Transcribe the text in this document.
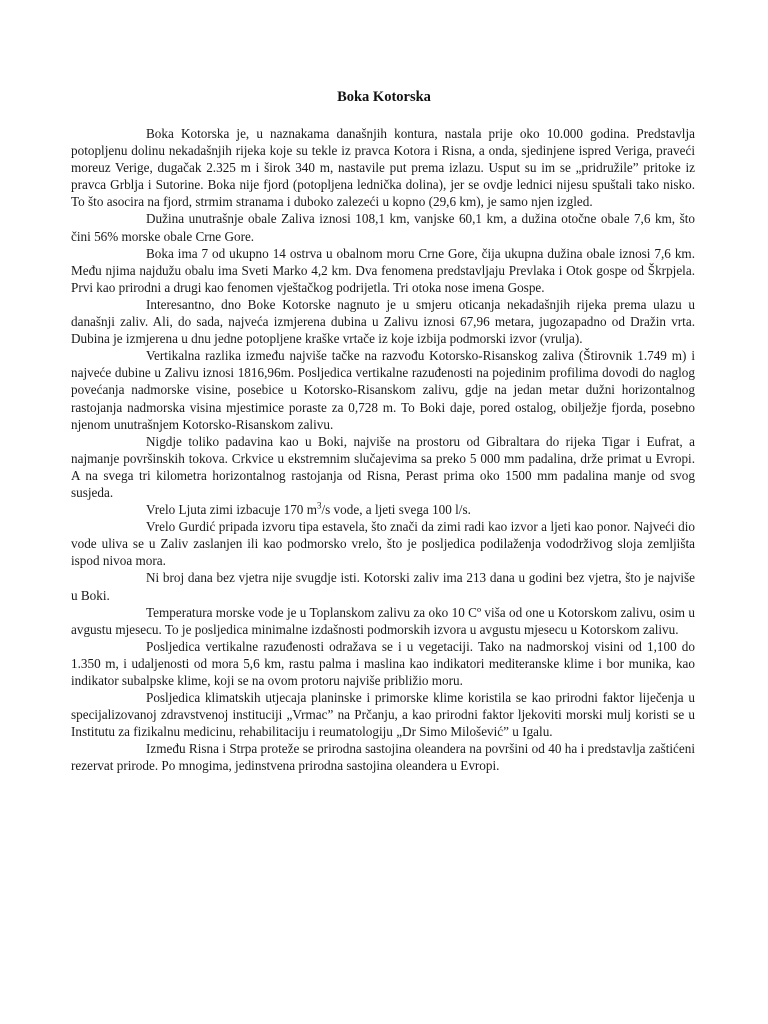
Boka Kotorska

Boka Kotorska je, u naznakama današnjih kontura, nastala prije oko 10.000 godina. Predstavlja potopljenu dolinu nekadašnjih rijeka koje su tekle iz pravca Kotora i Risna, a onda, sjedinjene ispred Veriga, praveći moreuz Verige, dugačak 2.325 m i širok 340 m, nastavile put prema izlazu. Usput su im se „pridružile” pritoke iz pravca Grblja i Sutorine. Boka nije fjord (potopljena lednička dolina), jer se ovdje lednici nijesu spuštali tako nisko. To što asocira na fjord, strmim stranama i duboko zalezeći u kopno (29,6 km), je samo njen izgled.

Dužina unutrašnje obale Zaliva iznosi 108,1 km, vanjske 60,1 km, a dužina otočne obale 7,6 km, što čini 56% morske obale Crne Gore.

Boka ima 7 od ukupno 14 ostrva u obalnom moru Crne Gore, čija ukupna dužina obale iznosi 7,6 km. Među njima najdužu obalu ima Sveti Marko 4,2 km. Dva fenomena predstavljaju Prevlaka i Otok gospe od Škrpjela. Prvi kao prirodni a drugi kao fenomen vještačkog podrijetla. Tri otoka nose imena Gospe.

Interesantno, dno Boke Kotorske nagnuto je u smjeru oticanja nekadašnjih rijeka prema ulazu u današnji zaliv. Ali, do sada, najveća izmjerena dubina u Zalivu iznosi 67,96 metara, jugozapadno od Dražin vrta. Dubina je izmjerena u dnu jedne potopljene kraške vrtače iz koje izbija podmorski izvor (vrulja).

Vertikalna razlika između najviše tačke na razvođu Kotorsko-Risanskog zaliva (Štirovnik 1.749 m) i najveće dubine u Zalivu iznosi 1816,96m. Posljedica vertikalne razuđenosti na pojedinim profilima dovodi do naglog povećanja nadmorske visine, posebice u Kotorsko-Risanskom zalivu, gdje na jedan metar dužni horizontalnog rastojanja nadmorska visina mjestimice poraste za 0,728 m. To Boki daje, pored ostalog, obilježje fjorda, posebno njenom unutrašnjem Kotorsko-Risanskom zalivu.

Nigdje toliko padavina kao u Boki, najviše na prostoru od Gibraltara do rijeka Tigar i Eufrat, a najmanje površinskih tokova. Crkvice u ekstremnim slučajevima sa preko 5 000 mm padalina, drže primat u Evropi. A na svega tri kilometra horizontalnog rastojanja od Risna, Perast prima oko 1500 mm padalina manje od svog susjeda.

Vrelo Ljuta zimi izbacuje 170 $m^3/s$ vode, a ljeti svega 100 l/s.

Vrelo Gurdić pripada izvoru tipa estavela, što znači da zimi radi kao izvor a ljeti kao ponor. Najveći dio vode uliva se u Zaliv zaslanjen ili kao podmorsko vrelo, što je posljedica podilaženja vododrživog sloja zemljišta ispod nivoa mora.

Ni broj dana bez vjetra nije svugdje isti. Kotorski zaliv ima 213 dana u godini bez vjetra, što je najviše u Boki.

Temperatura morske vode je u Toplanskom zalivu za oko 10 Cº viša od one u Kotorskom zalivu, osim u avgustu mjesecu. To je posljedica minimalne izdašnosti podmorskih izvora u avgustu mjesecu u Kotorskom zalivu.

Posljedica vertikalne razuđenosti odražava se i u vegetaciji. Tako na nadmorskoj visini od 1,100 do 1.350 m, i udaljenosti od mora 5,6 km, rastu palma i maslina kao indikatori mediteranske klime i bor munika, kao indikator subalpske klime, koji se na ovom protoru najviše približio moru.

Posljedica klimatskih utjecaja planinske i primorske klime koristila se kao prirodni faktor liječenja u specijalizovanoj zdravstvenoj instituciji „Vrmac” na Prčanju, a kao prirodni faktor ljekoviti morski mulj koristi se u Institutu za fizikalnu medicinu, rehabilitaciju i reumatologiju „Dr Simo Milošević” u Igalu.

Između Risna i Strpa proteže se prirodna sastojina oleandera na površini od 40 ha i predstavlja zaštićeni rezervat prirode. Po mnogima, jedinstvena prirodna sastojina oleandera u Evropi.
